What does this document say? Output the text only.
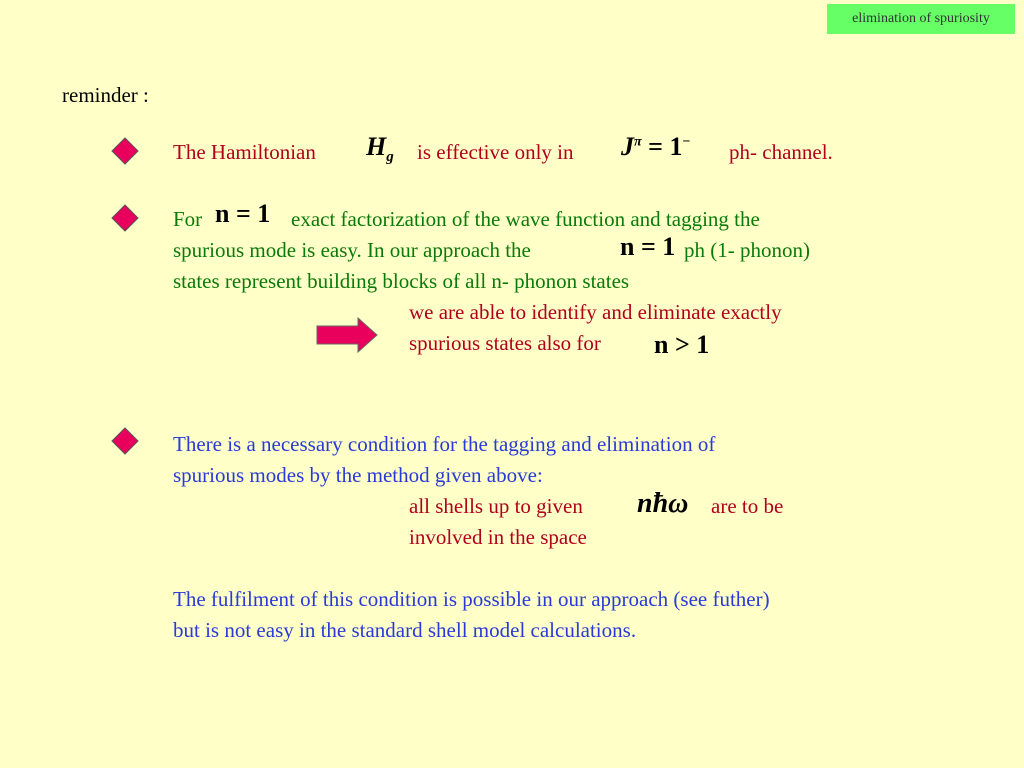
elimination of spuriosity
reminder :
The Hamiltonian $H_g$ is effective only in $J^\pi = 1^-$ ph- channel.
For n = 1 exact factorization of the wave function and tagging the
spurious mode is easy. In our approach the	n = 1 ph (1- phonon)
states represent building blocks of all n- phonon states
we are able to identify and eliminate exactly
spurious states also for n > 1
There is a necessary condition for the tagging and elimination of
spurious modes by the method given above:
all shells up to given nħω are to be
involved in the space
The fulfilment of this condition is possible in our approach (see futher)
but is not easy in the standard shell model calculations.
